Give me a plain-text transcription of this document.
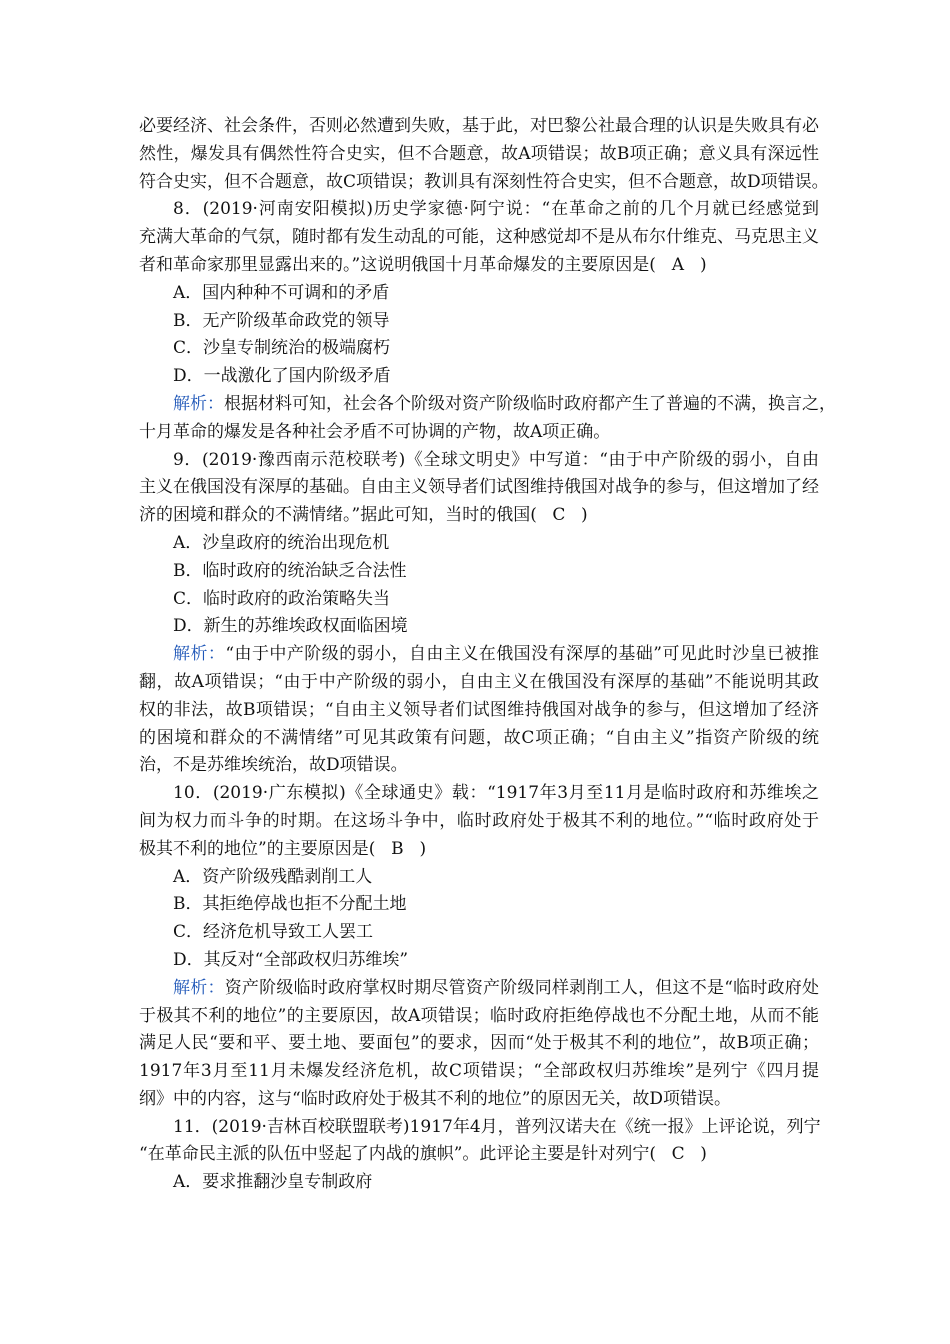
必要经济、社会条件，否则必然遭到失败，基于此，对巴黎公社最合理的认识是失败具有必
然性，爆发具有偶然性符合史实，但不合题意，故A项错误；故B项正确；意义具有深远性
符合史实，但不合题意，故C项错误；教训具有深刻性符合史实，但不合题意，故D项错误。
8．(2019·河南安阳模拟)历史学家德·阿宁说：“在革命之前的几个月就已经感觉到
充满大革命的气氛，随时都有发生动乱的可能，这种感觉却不是从布尔什维克、马克思主义
者和革命家那里显露出来的。”这说明俄国十月革命爆发的主要原因是( A )
A．国内种种不可调和的矛盾
B．无产阶级革命政党的领导
C．沙皇专制统治的极端腐朽
D．一战激化了国内阶级矛盾
解析：根据材料可知，社会各个阶级对资产阶级临时政府都产生了普遍的不满，换言之，
十月革命的爆发是各种社会矛盾不可协调的产物，故A项正确。
9．(2019·豫西南示范校联考)《全球文明史》中写道：“由于中产阶级的弱小，自由
主义在俄国没有深厚的基础。自由主义领导者们试图维持俄国对战争的参与，但这增加了经
济的困境和群众的不满情绪。”据此可知，当时的俄国( C )
A．沙皇政府的统治出现危机
B．临时政府的统治缺乏合法性
C．临时政府的政治策略失当
D．新生的苏维埃政权面临困境
解析：“由于中产阶级的弱小，自由主义在俄国没有深厚的基础”可见此时沙皇已被推
翻，故A项错误；“由于中产阶级的弱小，自由主义在俄国没有深厚的基础”不能说明其政
权的非法，故B项错误；“自由主义领导者们试图维持俄国对战争的参与，但这增加了经济
的困境和群众的不满情绪”可见其政策有问题，故C项正确；“自由主义”指资产阶级的统
治，不是苏维埃统治，故D项错误。
10．(2019·广东模拟)《全球通史》载：“1917年3月至11月是临时政府和苏维埃之
间为权力而斗争的时期。在这场斗争中，临时政府处于极其不利的地位。”“临时政府处于
极其不利的地位”的主要原因是( B )
A．资产阶级残酷剥削工人
B．其拒绝停战也拒不分配土地
C．经济危机导致工人罢工
D．其反对“全部政权归苏维埃”
解析：资产阶级临时政府掌权时期尽管资产阶级同样剥削工人，但这不是“临时政府处
于极其不利的地位”的主要原因，故A项错误；临时政府拒绝停战也不分配土地，从而不能
满足人民“要和平、要土地、要面包”的要求，因而“处于极其不利的地位”，故B项正确；
1917年3月至11月未爆发经济危机，故C项错误；“全部政权归苏维埃”是列宁《四月提
纲》中的内容，这与“临时政府处于极其不利的地位”的原因无关，故D项错误。
11．(2019·吉林百校联盟联考)1917年4月，普列汉诺夫在《统一报》上评论说，列宁
“在革命民主派的队伍中竖起了内战的旗帜”。此评论主要是针对列宁( C )
A．要求推翻沙皇专制政府
